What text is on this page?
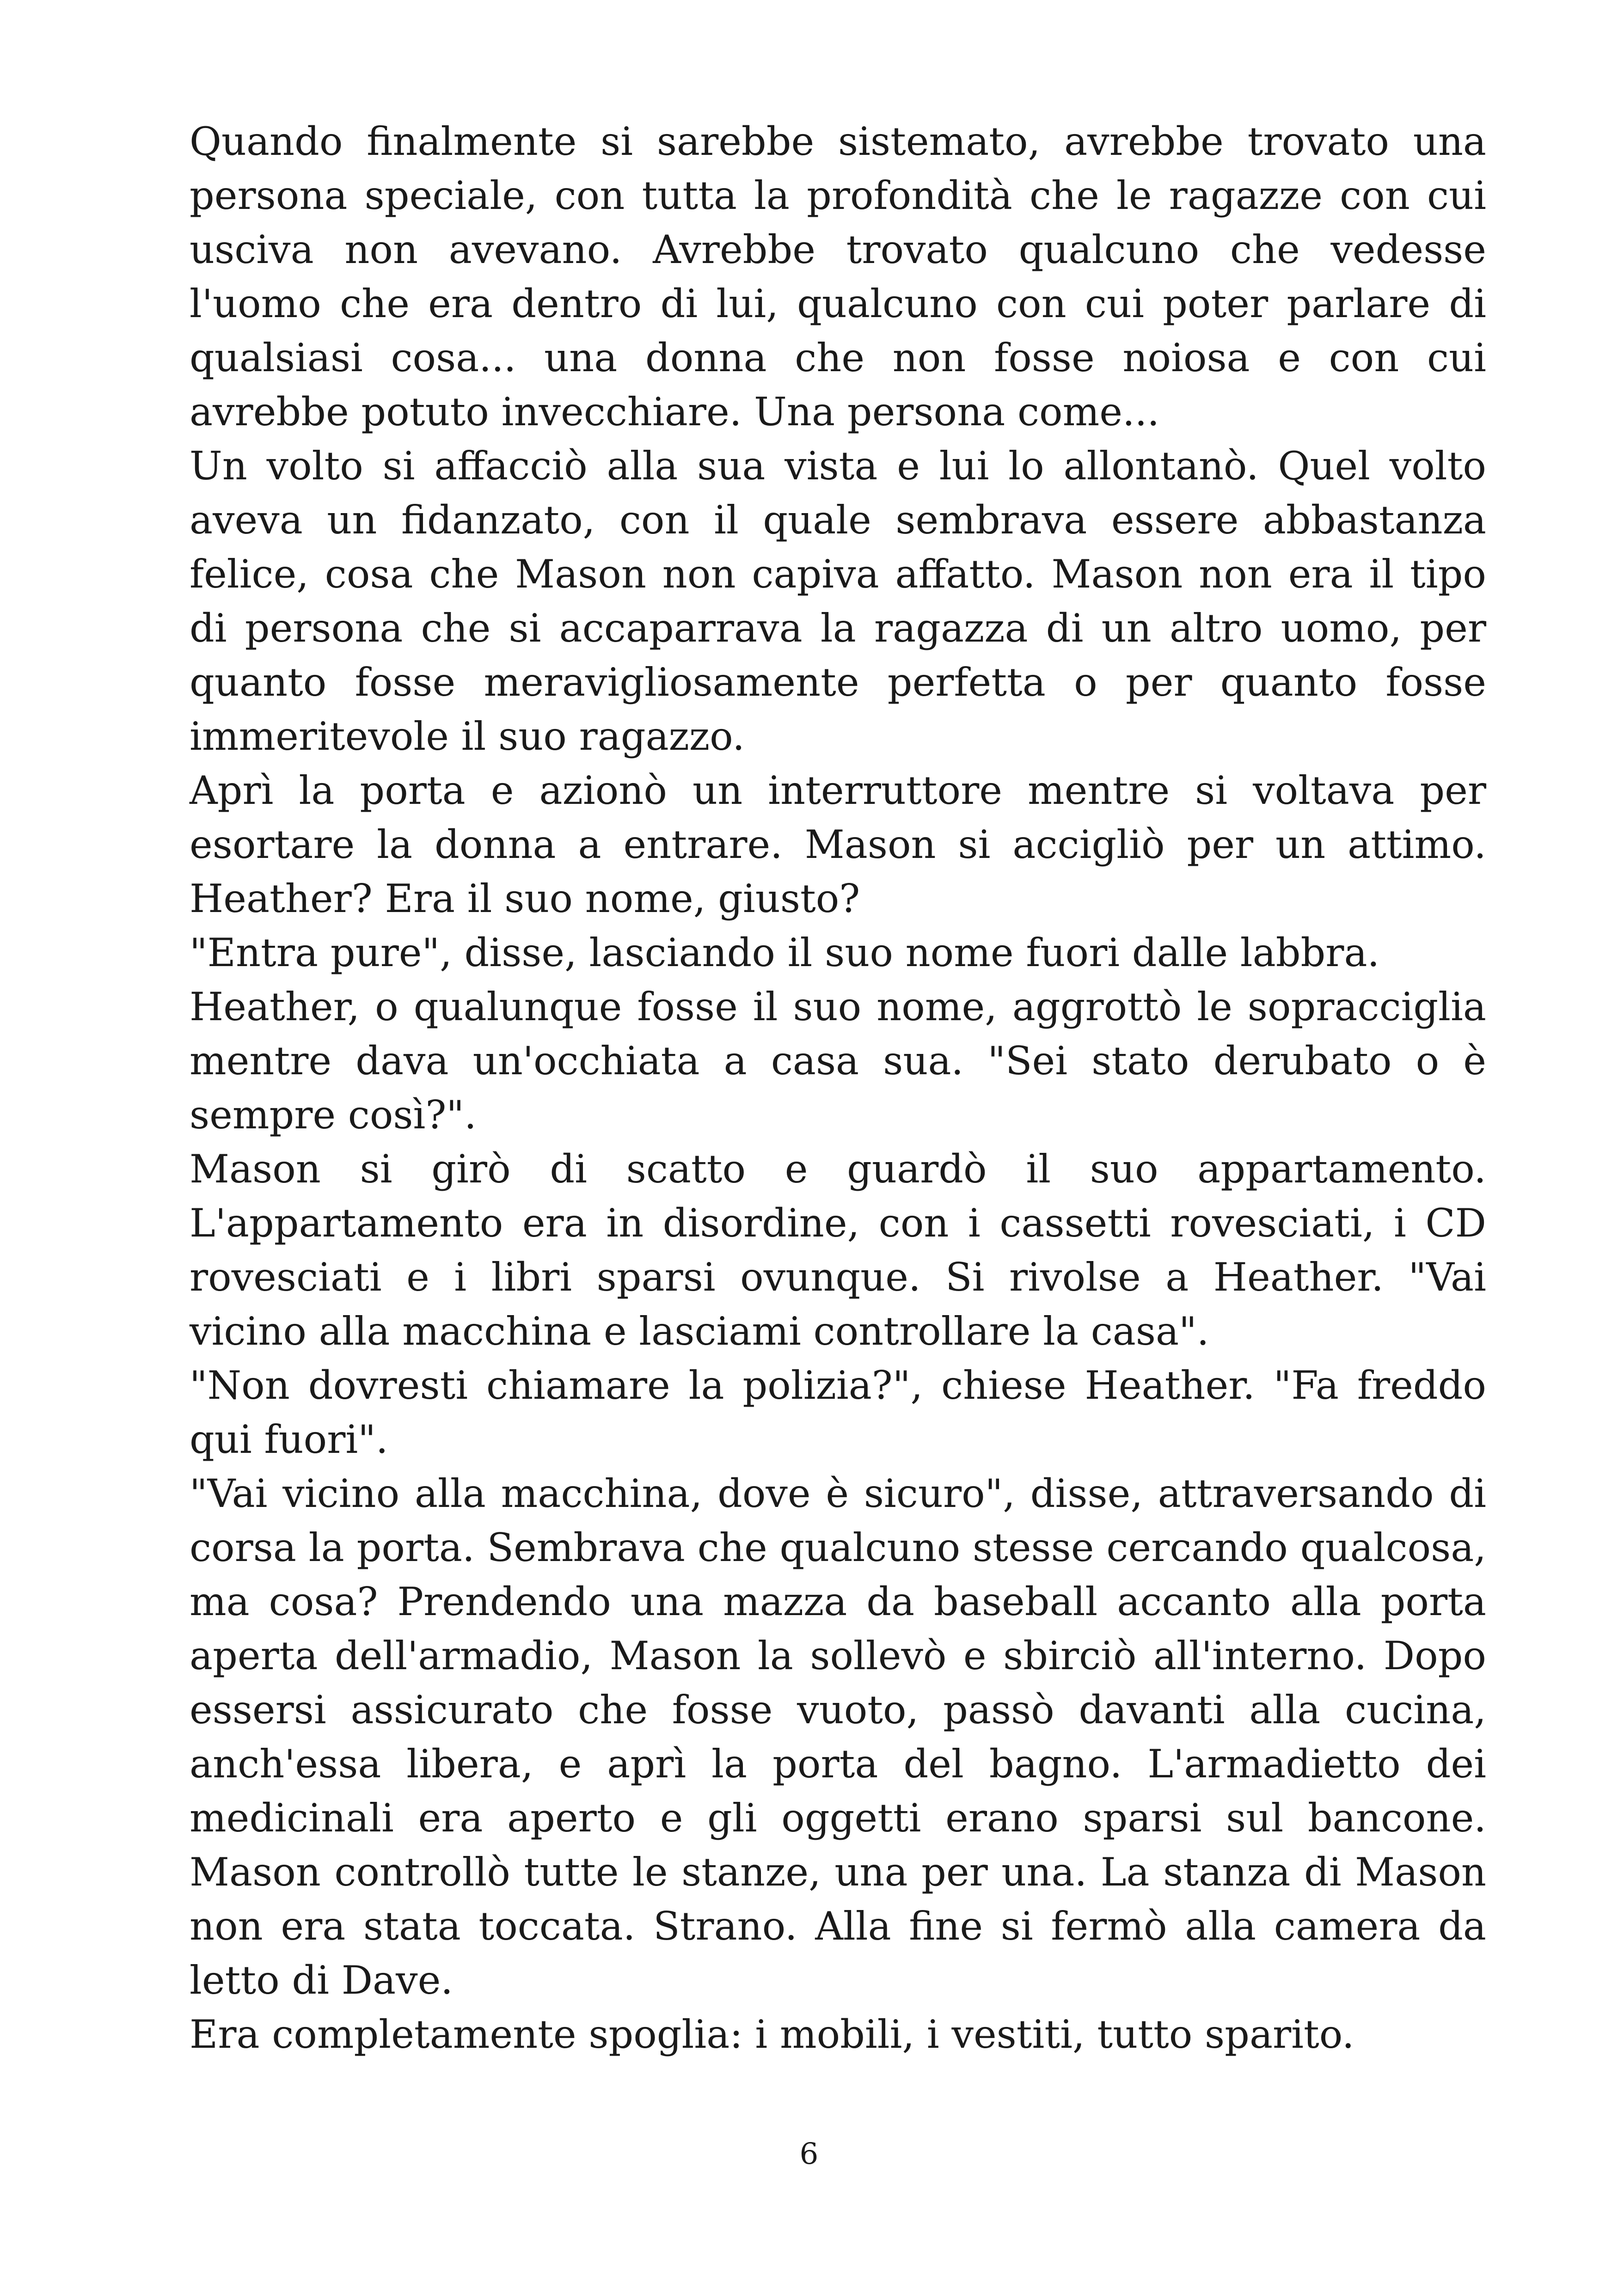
Quando finalmente si sarebbe sistemato, avrebbe trovato una persona speciale, con tutta la profondità che le ragazze con cui usciva non avevano. Avrebbe trovato qualcuno che vedesse l'uomo che era dentro di lui, qualcuno con cui poter parlare di qualsiasi cosa... una donna che non fosse noiosa e con cui avrebbe potuto invecchiare. Una persona come...

Un volto si affacciò alla sua vista e lui lo allontanò. Quel volto aveva un fidanzato, con il quale sembrava essere abbastanza felice, cosa che Mason non capiva affatto. Mason non era il tipo di persona che si accaparrava la ragazza di un altro uomo, per quanto fosse meravigliosamente perfetta o per quanto fosse immeritevole il suo ragazzo.

Aprì la porta e azionò un interruttore mentre si voltava per esortare la donna a entrare. Mason si accigliò per un attimo. Heather? Era il suo nome, giusto?

"Entra pure", disse, lasciando il suo nome fuori dalle labbra.

Heather, o qualunque fosse il suo nome, aggrottò le sopracciglia mentre dava un'occhiata a casa sua. "Sei stato derubato o è sempre così?".

Mason si girò di scatto e guardò il suo appartamento. L'appartamento era in disordine, con i cassetti rovesciati, i CD rovesciati e i libri sparsi ovunque. Si rivolse a Heather. "Vai vicino alla macchina e lasciami controllare la casa".

"Non dovresti chiamare la polizia?", chiese Heather. "Fa freddo qui fuori".

"Vai vicino alla macchina, dove è sicuro", disse, attraversando di corsa la porta. Sembrava che qualcuno stesse cercando qualcosa, ma cosa? Prendendo una mazza da baseball accanto alla porta aperta dell'armadio, Mason la sollevò e sbirciò all'interno. Dopo essersi assicurato che fosse vuoto, passò davanti alla cucina, anch'essa libera, e aprì la porta del bagno. L'armadietto dei medicinali era aperto e gli oggetti erano sparsi sul bancone. Mason controllò tutte le stanze, una per una. La stanza di Mason non era stata toccata. Strano. Alla fine si fermò alla camera da letto di Dave.

Era completamente spoglia: i mobili, i vestiti, tutto sparito.

6
